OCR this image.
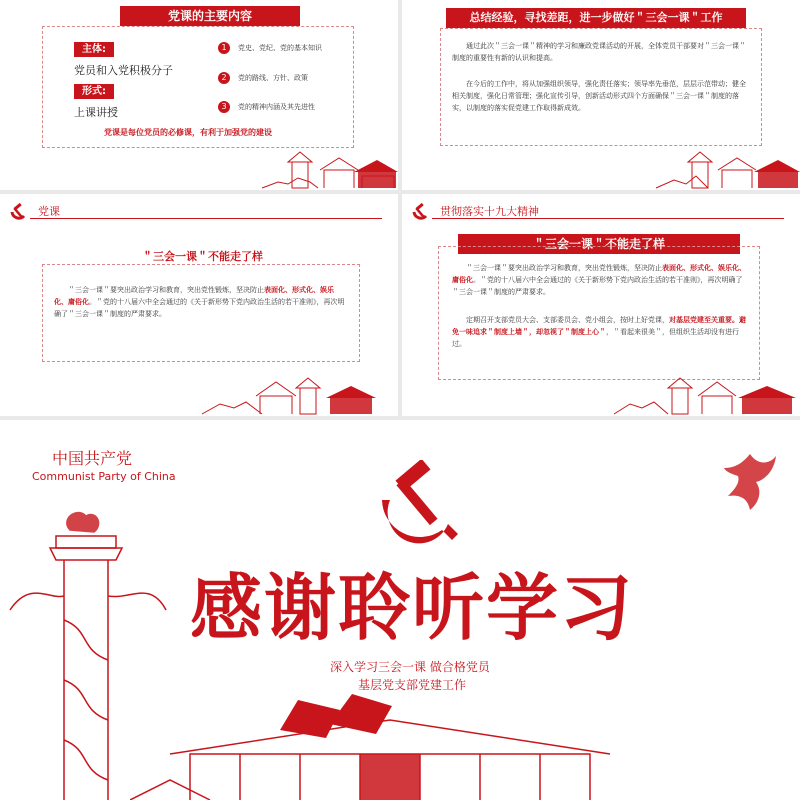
党课的主要内容
主体:
党员和入党积极分子
形式:
上课讲授
1	党史、党纪、党的基本知识
2	党的路线、方针、政策
3	党的精神内涵及其先进性
党课是每位党员的必修课，有利于加强党的建设
总结经验，寻找差距，进一步做好＂三会一课＂工作
通过此次＂三会一课＂精神的学习和廉政党课活动的开展，全体党员干部要对＂三会一课＂制度的重要性有新的认识和提高。
在今后的工作中，将从加强组织领导，强化责任落实；领导率先垂范，层层示范带动；健全相关制度，强化日常管理；强化宣传引导，创新活动形式四个方面确保＂三会一课＂制度的落实，以制度的落实促党建工作取得新成效。
党课
＂三会一课＂不能走了样
＂三会一课＂要突出政治学习和教育，突出党性锻炼，坚决防止表面化、形式化、娱乐化、庸俗化。＂党的十八届六中全会通过的《关于新形势下党内政治生活的若干准则》，再次明确了＂三会一课＂制度的严肃要求。
贯彻落实十九大精神
＂三会一课＂不能走了样
＂三会一课＂要突出政治学习和教育，突出党性锻炼，坚决防止表面化、形式化、娱乐化、庸俗化。＂党的十八届六中全会通过的《关于新形势下党内政治生活的若干准则》，再次明确了＂三会一课＂制度的严肃要求。
定期召开支部党员大会、支部委员会、党小组会，按时上好党课，对基层党建至关重要。避免一味追求＂制度上墙＂，却忽视了＂制度上心＂，＂看起来很美＂，但组织生活却没有进行过。
中国共产党
Communist Party of China
感谢聆听学习
深入学习三会一课 做合格党员
基层党支部党建工作
